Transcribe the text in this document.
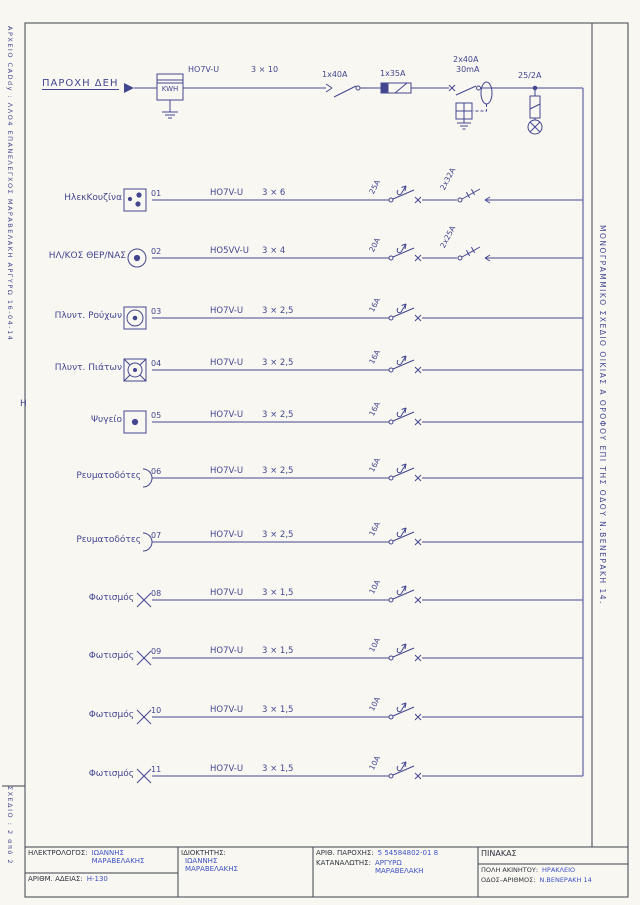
ΑΡΧΕΙΟ CADdy : ΛΛΟ4 ΕΠΑΝΕΛΕΓΧΟΣ ΜΑΡΑΒΕΛΑΚΗ ΑΡΓΥΡΩ 16-04-14
ΣΧΕΔΙΟ : 2 από 2
ΜΟΝΟΓΡΑΜΜΙΚΟ ΣΧΕΔΙΟ ΟΙΚΙΑΣ Α ΟΡΟΦΟΥ ΕΠΙ ΤΗΣ ΟΔΟΥ Ν.ΒΕΝΕΡΑΚΗ 14.
H
ΠΑΡΟΧΗ ΔΕΗ	KWH
HO7V-U	3 × 10
1x40A	1x35A
2x40A
30mA
25/2A
ΗλεκΚουζίνα	01	HO7V-U 3 × 6	25A	2x32A
ΗΛ/ΚΟΣ ΘΕΡ/ΝΑΣ	02	HO5VV-U 3 × 4	20A	2x25A
Πλυντ. Ρούχων	03	HO7V-U 3 × 2,5	16A
Πλυντ. Πιάτων	04	HO7V-U 3 × 2,5	16A
Ψυγείο	05	HO7V-U 3 × 2,5	16A
Ρευματοδότες 06	HO7V-U 3 × 2,5	16A
Ρευματοδότες 07	HO7V-U 3 × 2,5	16A
Φωτισμός 08	HO7V-U 3 × 1,5	10A
Φωτισμός 09	HO7V-U 3 × 1,5	10A
Φωτισμός 10	HO7V-U 3 × 1,5	10A
Φωτισμός 11	HO7V-U 3 × 1,5	10A
ΗΛΕΚΤΡΟΛΟΓΟΣ: ΙΩΑΝΝΗΣ ΜΑΡΑΒΕΛΑΚΗΣ
ΑΡΙΘΜ. ΑΔΕΙΑΣ: Η-130
ΙΔΙΟΚΤΗΤΗΣ:
ΙΩΑΝΝΗΣ ΜΑΡΑΒΕΛΑΚΗΣ
ΑΡΙΘ. ΠΑΡΟΧΗΣ: 5 54584802-01 8
ΚΑΤΑΝΑΛΩΤΗΣ: ΑΡΓΥΡΩ ΜΑΡΑΒΕΛΑΚΗ
ΠΙΝΑΚΑΣ
ΠΟΛΗ ΑΚΙΝΗΤΟΥ: ΗΡΑΚΛΕΙΟ
ΟΔΟΣ–ΑΡΙΘΜΟΣ: Ν.ΒΕΝΕΡΑΚΗ 14
